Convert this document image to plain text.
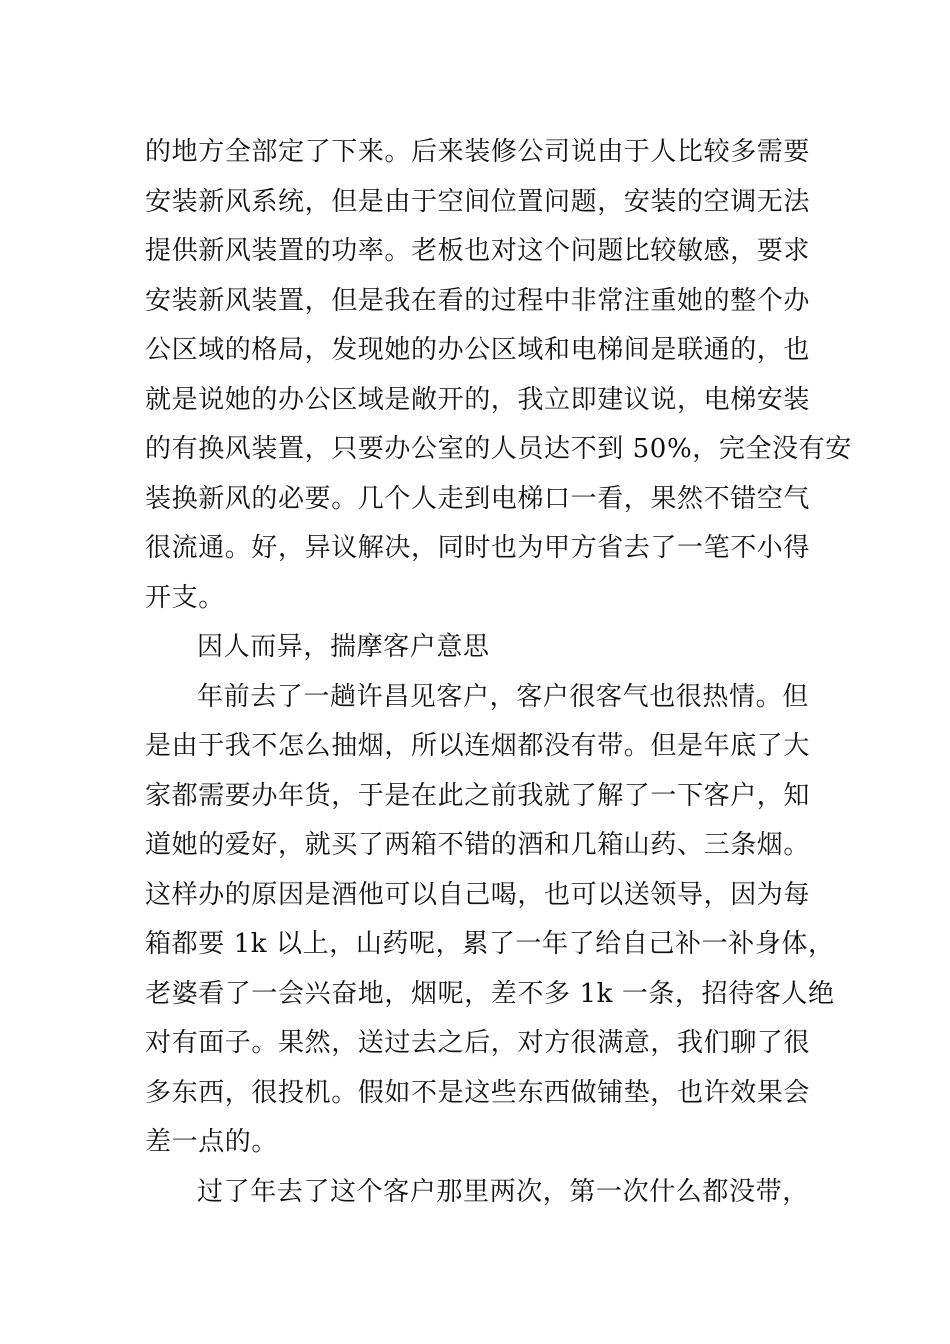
的地方全部定了下来。后来装修公司说由于人比较多需要
安装新风系统，但是由于空间位置问题，安装的空调无法
提供新风装置的功率。老板也对这个问题比较敏感，要求
安装新风装置，但是我在看的过程中非常注重她的整个办
公区域的格局，发现她的办公区域和电梯间是联通的，也
就是说她的办公区域是敞开的，我立即建议说，电梯安装
的有换风装置，只要办公室的人员达不到 50%，完全没有安
装换新风的必要。几个人走到电梯口一看，果然不错空气
很流通。好，异议解决，同时也为甲方省去了一笔不小得
开支。
因人而异，揣摩客户意思
年前去了一趟许昌见客户，客户很客气也很热情。但
是由于我不怎么抽烟，所以连烟都没有带。但是年底了大
家都需要办年货，于是在此之前我就了解了一下客户，知
道她的爱好，就买了两箱不错的酒和几箱山药、三条烟。
这样办的原因是酒他可以自己喝，也可以送领导，因为每
箱都要 1k 以上，山药呢，累了一年了给自己补一补身体，
老婆看了一会兴奋地，烟呢，差不多 1k 一条，招待客人绝
对有面子。果然，送过去之后，对方很满意，我们聊了很
多东西，很投机。假如不是这些东西做铺垫，也许效果会
差一点的。
过了年去了这个客户那里两次，第一次什么都没带，
